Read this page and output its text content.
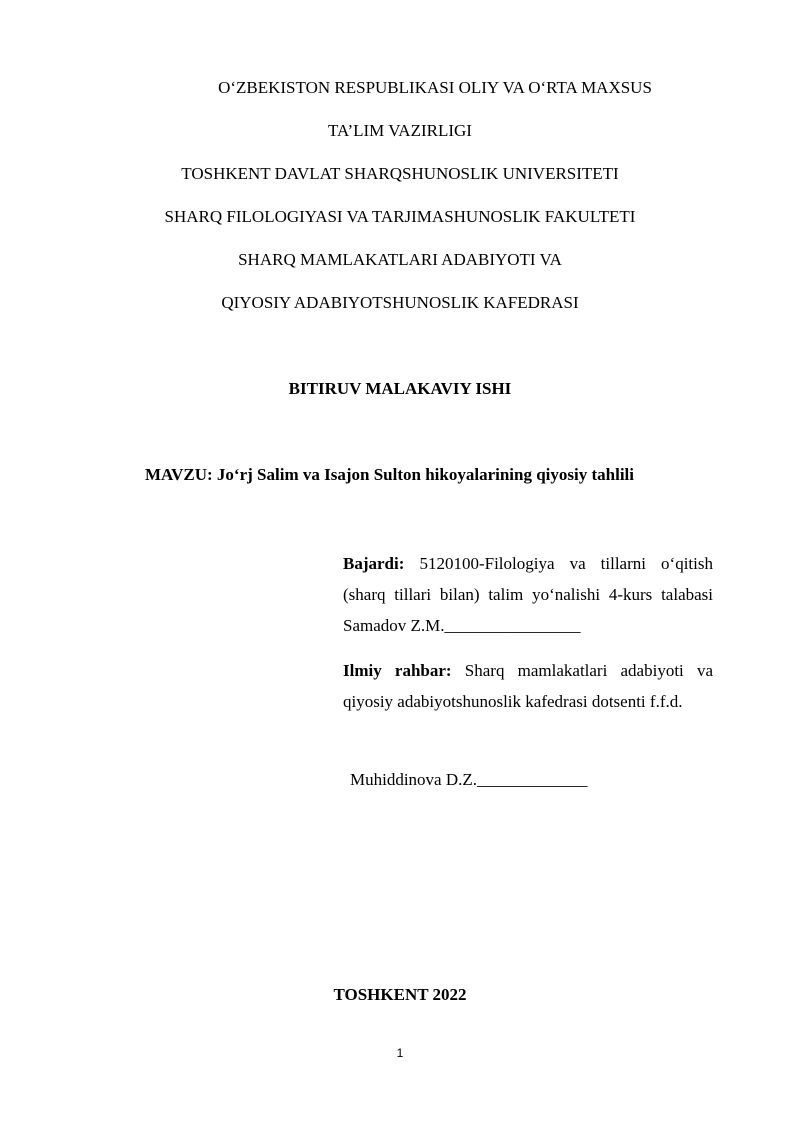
O‘ZBEKISTON RESPUBLIKASI OLIY VA O‘RTA MAXSUS
TA’LIM VAZIRLIGI
TOSHKENT DAVLAT SHARQSHUNOSLIK UNIVERSITETI
SHARQ FILOLOGIYASI VA TARJIMASHUNOSLIK FAKULTETI
SHARQ MAMLAKATLARI ADABIYOTI VA
QIYOSIY ADABIYOTSHUNOSLIK KAFEDRASI
BITIRUV MALAKAVIY ISHI
MAVZU: Jo‘rj Salim va Isajon Sulton hikoyalarining qiyosiy tahlili
Bajardi: 5120100-Filologiya va tillarni o‘qitish (sharq tillari bilan) talim yo‘nalishi 4-kurs talabasi Samadov Z.M.________________
Ilmiy rahbar: Sharq mamlakatlari adabiyoti va qiyosiy adabiyotshunoslik kafedrasi dotsenti f.f.d.
Muhiddinova D.Z._____________
TOSHKENT 2022
1
